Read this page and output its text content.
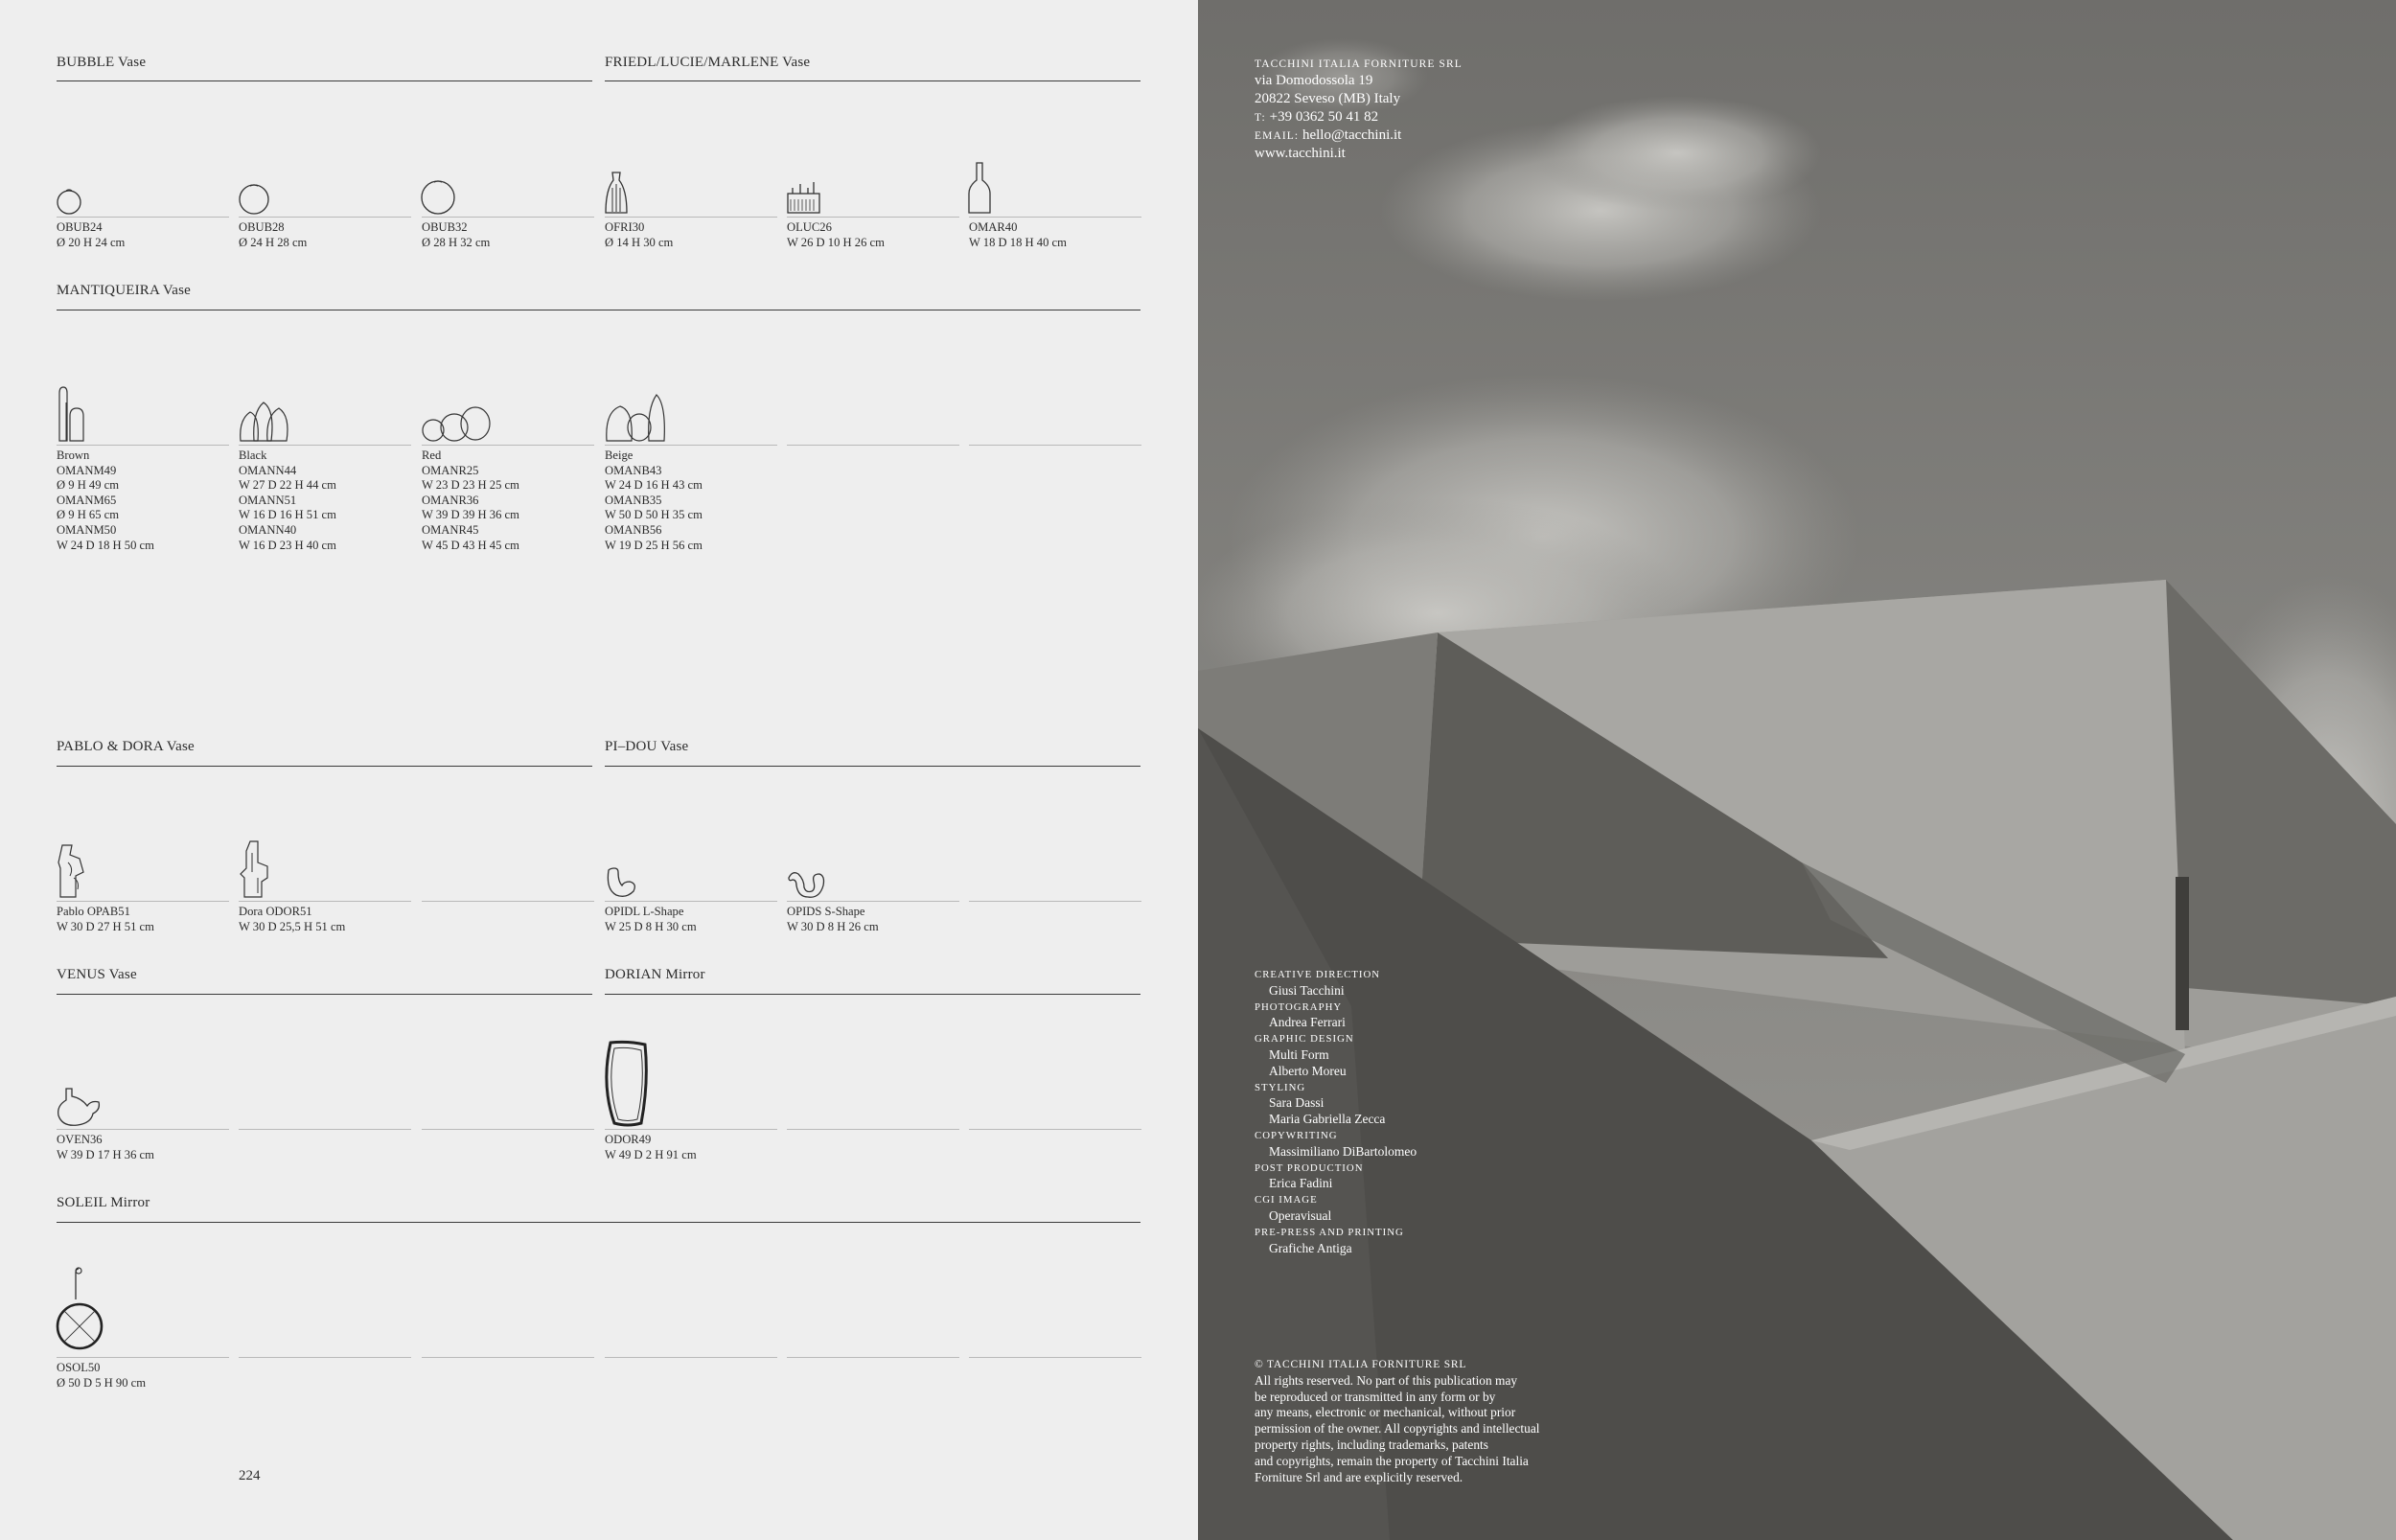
BUBBLE Vase	FRIEDL/LUCIE/MARLENE Vase
OBUB24
Ø 20 H 24 cm
OBUB28
Ø 24 H 28 cm
OBUB32
Ø 28 H 32 cm
OFRI30
Ø 14 H 30 cm
OLUC26
W 26 D 10 H 26 cm
OMAR40
W 18 D 18 H 40 cm
MANTIQUEIRA Vase
Brown
OMANM49
Ø 9 H 49 cm
OMANM65
Ø 9 H 65 cm
OMANM50
W 24 D 18 H 50 cm
Black
OMANN44
W 27 D 22 H 44 cm
OMANN51
W 16 D 16 H 51 cm
OMANN40
W 16 D 23 H 40 cm
Red
OMANR25
W 23 D 23 H 25 cm
OMANR36
W 39 D 39 H 36 cm
OMANR45
W 45 D 43 H 45 cm
Beige
OMANB43
W 24 D 16 H 43 cm
OMANB35
W 50 D 50 H 35 cm
OMANB56
W 19 D 25 H 56 cm
PABLO & DORA Vase	PI–DOU Vase
Pablo OPAB51
W 30 D 27 H 51 cm
Dora ODOR51
W 30 D 25,5 H 51 cm
OPIDL L-Shape
W 25 D 8 H 30 cm
OPIDS S-Shape
W 30 D 8 H 26 cm
VENUS Vase	DORIAN Mirror
OVEN36
W 39 D 17 H 36 cm
ODOR49
W 49 D 2 H 91 cm
SOLEIL Mirror
OSOL50
Ø 50 D 5 H 90 cm
224
TACCHINI ITALIA FORNITURE SRL
via Domodossola 19
20822 Seveso (MB) Italy
T: +39 0362 50 41 82
EMAIL: hello@tacchini.it
www.tacchini.it
CREATIVE DIRECTION
Giusi Tacchini
PHOTOGRAPHY
Andrea Ferrari
GRAPHIC DESIGN
Multi Form
Alberto Moreu
STYLING
Sara Dassi
Maria Gabriella Zecca
COPYWRITING
Massimiliano DiBartolomeo
POST PRODUCTION
Erica Fadini
CGI IMAGE
Operavisual
PRE-PRESS AND PRINTING
Grafiche Antiga
© TACCHINI ITALIA FORNITURE SRL
All rights reserved. No part of this publication may
be reproduced or transmitted in any form or by
any means, electronic or mechanical, without prior
permission of the owner. All copyrights and intellectual
property rights, including trademarks, patents
and copyrights, remain the property of Tacchini Italia
Forniture Srl and are explicitly reserved.
